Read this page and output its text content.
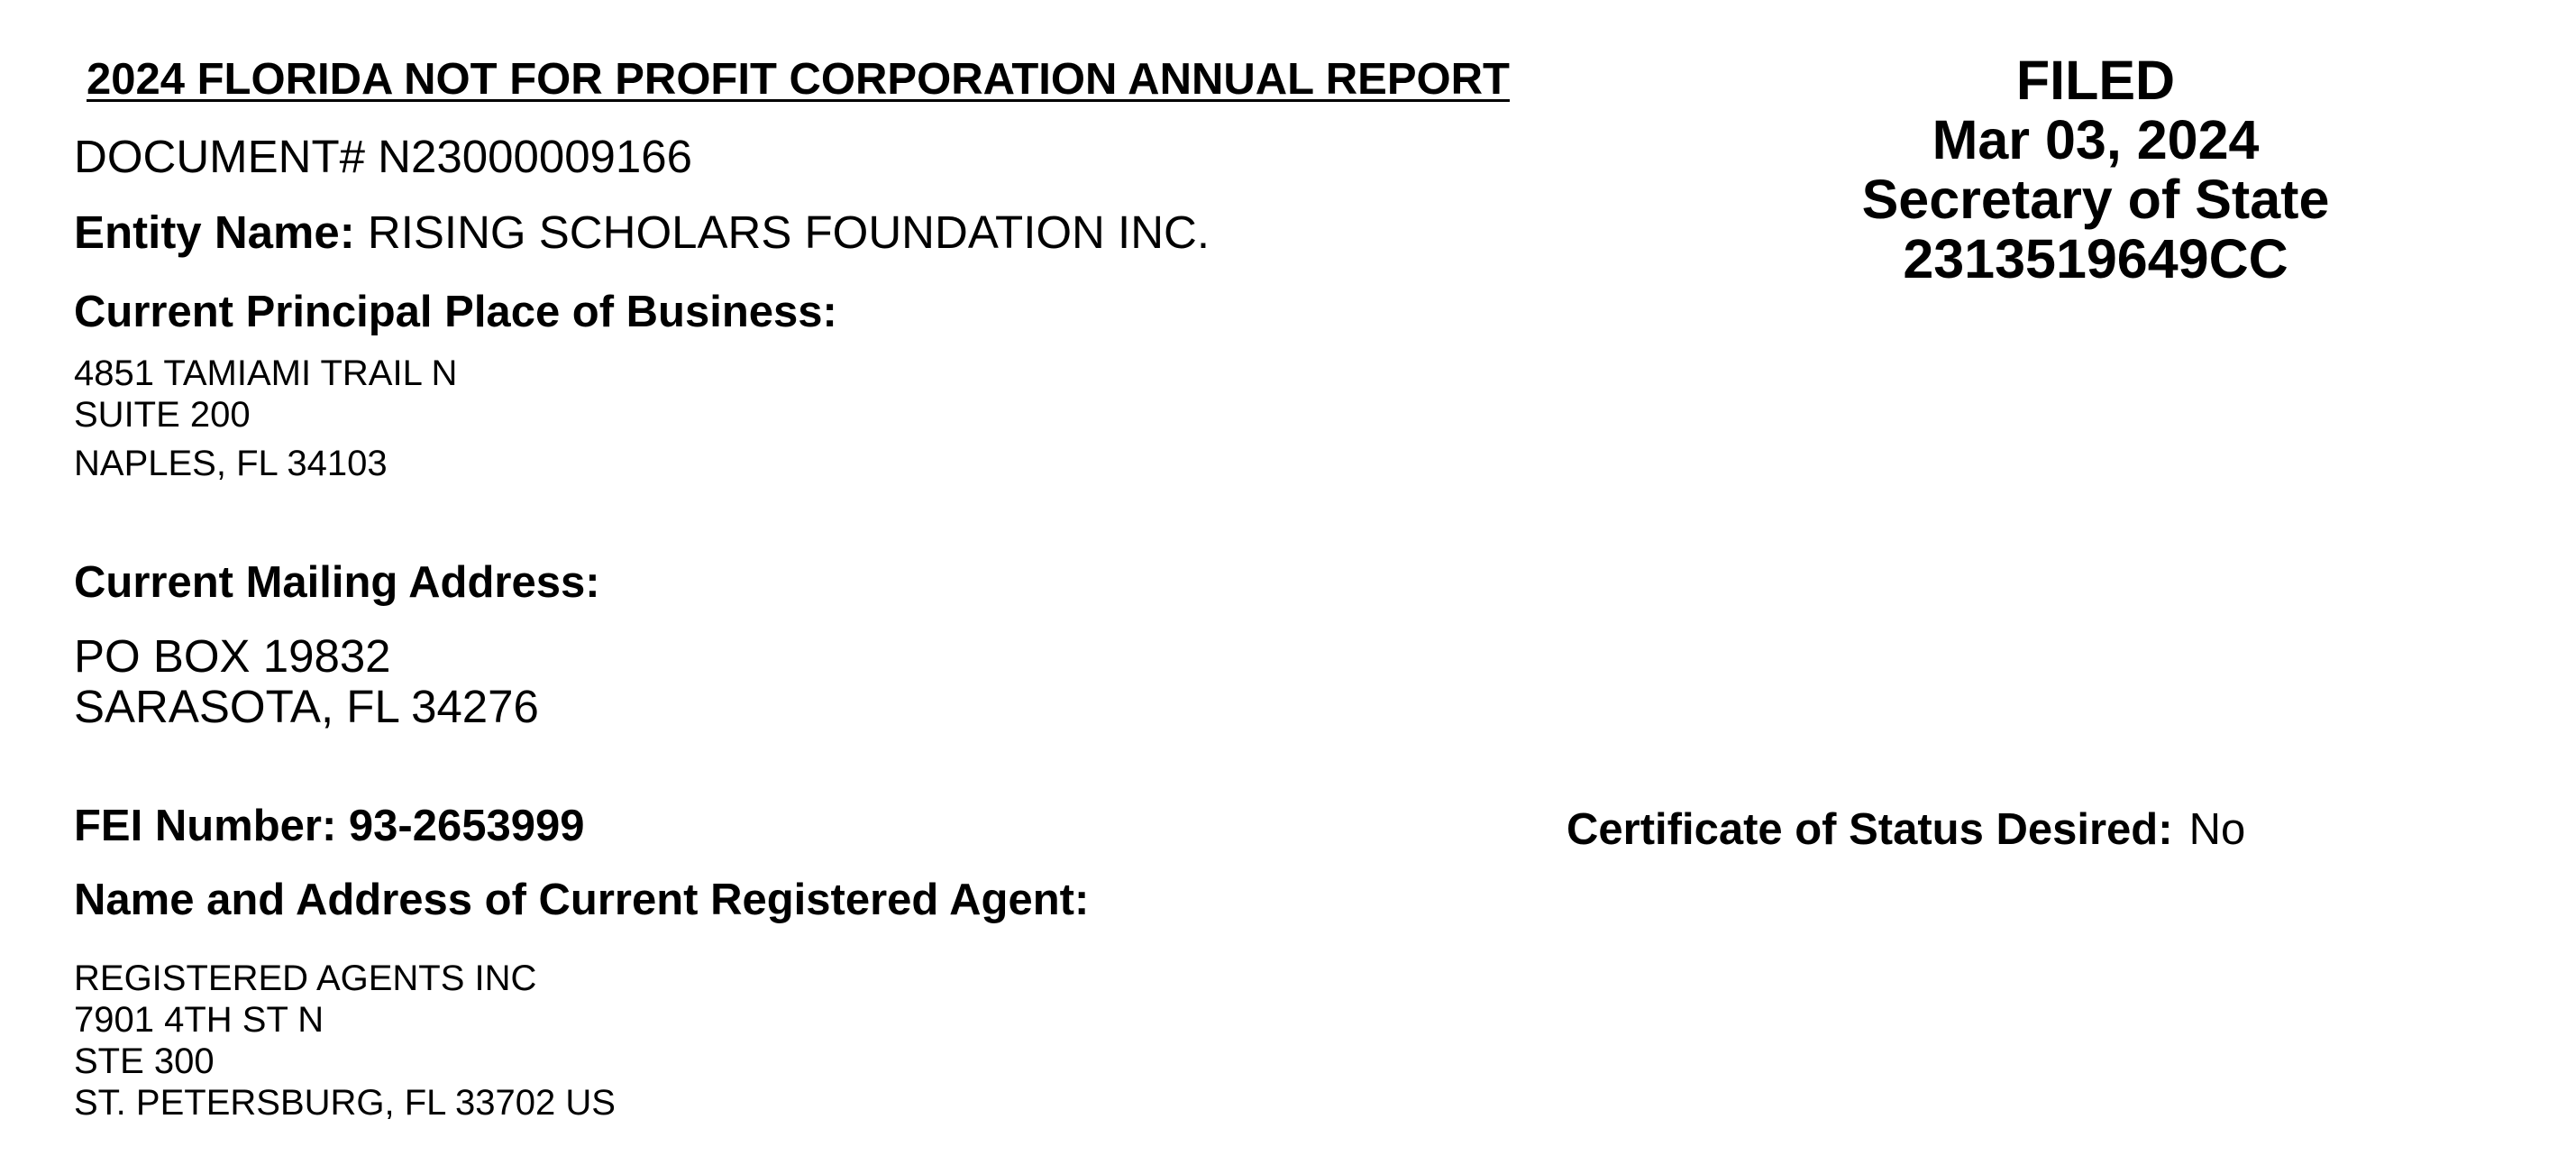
2024 FLORIDA NOT FOR PROFIT CORPORATION ANNUAL REPORT
DOCUMENT# N23000009166
Entity Name: RISING SCHOLARS FOUNDATION INC.
FILED
Mar 03, 2024
Secretary of State
2313519649CC
Current Principal Place of Business:
4851 TAMIAMI TRAIL N
SUITE 200
NAPLES, FL 34103
Current Mailing Address:
PO BOX 19832
SARASOTA, FL 34276
FEI Number: 93-2653999	Certificate of Status Desired: No
Name and Address of Current Registered Agent:
REGISTERED AGENTS INC
7901 4TH ST N
STE 300
ST. PETERSBURG, FL 33702 US
